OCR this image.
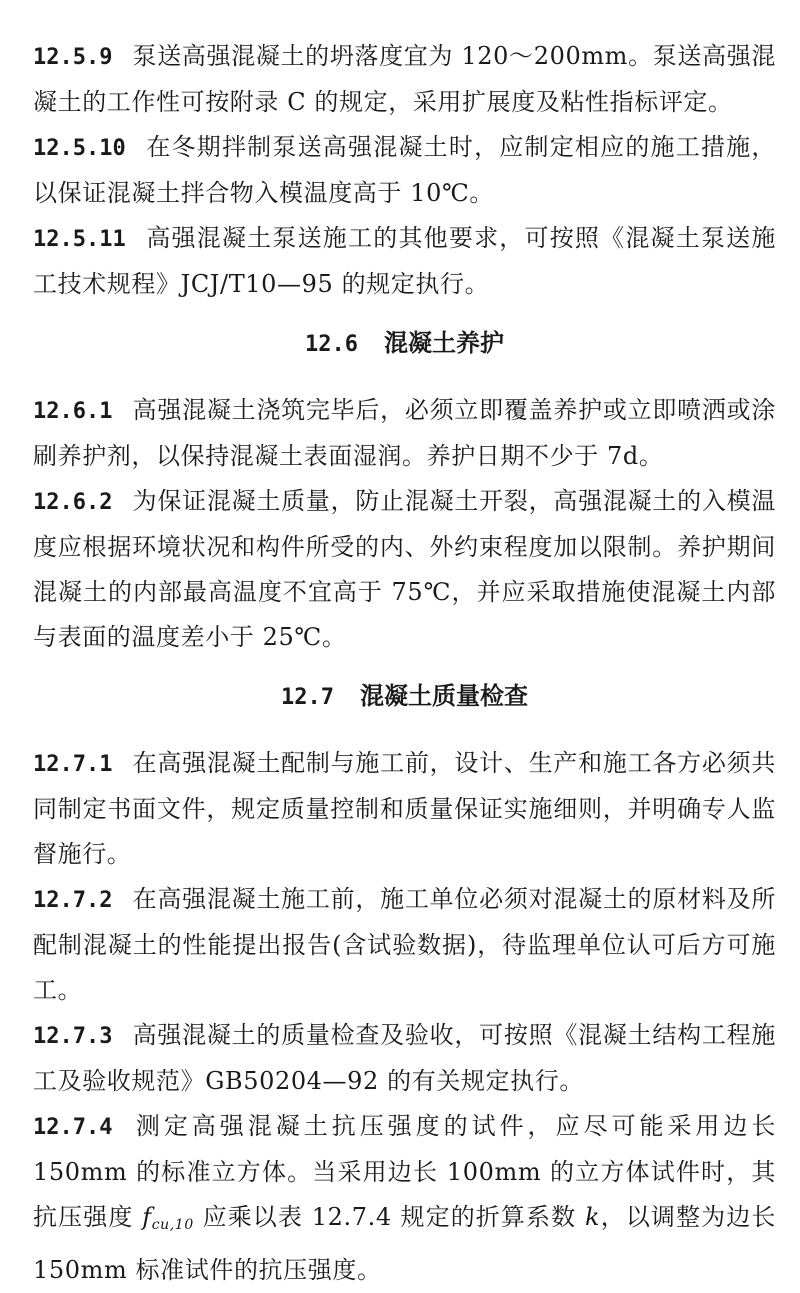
12.5.9 泵送高强混凝土的坍落度宜为 120～200mm。泵送高强混凝土的工作性可按附录 C 的规定，采用扩展度及粘性指标评定。

12.5.10 在冬期拌制泵送高强混凝土时，应制定相应的施工措施，以保证混凝土拌合物入模温度高于 10℃。

12.5.11 高强混凝土泵送施工的其他要求，可按照《混凝土泵送施工技术规程》JCJ/T10—95 的规定执行。

12.6 混凝土养护

12.6.1 高强混凝土浇筑完毕后，必须立即覆盖养护或立即喷洒或涂刷养护剂，以保持混凝土表面湿润。养护日期不少于 7d。

12.6.2 为保证混凝土质量，防止混凝土开裂，高强混凝土的入模温度应根据环境状况和构件所受的内、外约束程度加以限制。养护期间混凝土的内部最高温度不宜高于 75℃，并应采取措施使混凝土内部与表面的温度差小于 25℃。

12.7 混凝土质量检查

12.7.1 在高强混凝土配制与施工前，设计、生产和施工各方必须共同制定书面文件，规定质量控制和质量保证实施细则，并明确专人监督施行。

12.7.2 在高强混凝土施工前，施工单位必须对混凝土的原材料及所配制混凝土的性能提出报告(含试验数据)，待监理单位认可后方可施工。

12.7.3 高强混凝土的质量检查及验收，可按照《混凝土结构工程施工及验收规范》GB50204—92 的有关规定执行。

12.7.4 测定高强混凝土抗压强度的试件，应尽可能采用边长 150mm 的标准立方体。当采用边长 100mm 的立方体试件时，其抗压强度 $f_{cu,10}$ 应乘以表 12.7.4 规定的折算系数 k，以调整为边长 150mm 标准试件的抗压强度。
